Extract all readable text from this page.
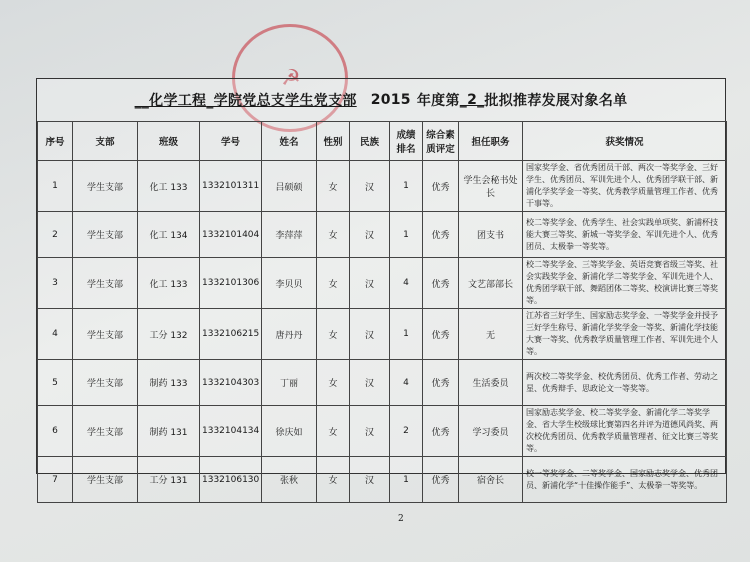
☭
__化学工程 _学院党总支学生党支部 2015 年度第 _2_ 批拟推荐发展对象名单
序号	支部	班级	学号	姓名	性别	民族	成绩排名	综合素质评定	担任职务	获奖情况
1	学生支部	化工 133	1332101311	吕硕硕	女	汉	1	优秀	学生会秘书处长	国家奖学金、省优秀团员干部、两次一等奖学金、三好学生、优秀团员、军训先进个人、优秀团学联干部、新浦化学奖学金一等奖、优秀教学质量管理工作者、优秀干事等。
2	学生支部	化工 134	1332101404	李萍萍	女	汉	1	优秀	团支书	校二等奖学金、优秀学生、社会实践单项奖、新浦杯技能大赛三等奖、新城一等奖学金、军训先进个人、优秀团员、太极拳一等奖等。
3	学生支部	化工 133	1332101306	李贝贝	女	汉	4	优秀	文艺部部长	校二等奖学金、三等奖学金、英语竞赛省级三等奖、社会实践奖学金、新浦化学二等奖学金、军训先进个人、优秀团学联干部、舞蹈团体二等奖、校演讲比赛三等奖等。
4	学生支部	工分 132	1332106215	唐丹丹	女	汉	1	优秀	无	江苏省三好学生、国家励志奖学金、一等奖学金并授予三好学生称号、新浦化学奖学金一等奖、新浦化学技能大赛一等奖、优秀教学质量管理工作者、军训先进个人等。
5	学生支部	制药 133	1332104303	丁丽	女	汉	4	优秀	生活委员	两次校二等奖学金、校优秀团员、优秀工作者、劳动之星、优秀辩手、思政论文一等奖等。
6	学生支部	制药 131	1332104134	徐庆如	女	汉	2	优秀	学习委员	国家励志奖学金、校二等奖学金、新浦化学二等奖学金、省大学生校级球比赛第四名并评为道德风尚奖、两次校优秀团员、优秀教学质量管理者、征文比赛三等奖等。
7	学生支部	工分 131	1332106130	张秋	女	汉	1	优秀	宿舍长	校一等奖学金、二等奖学金、国家励志奖学金、优秀团员、新浦化学“十佳操作能手”、太极拳一等奖等。
2
